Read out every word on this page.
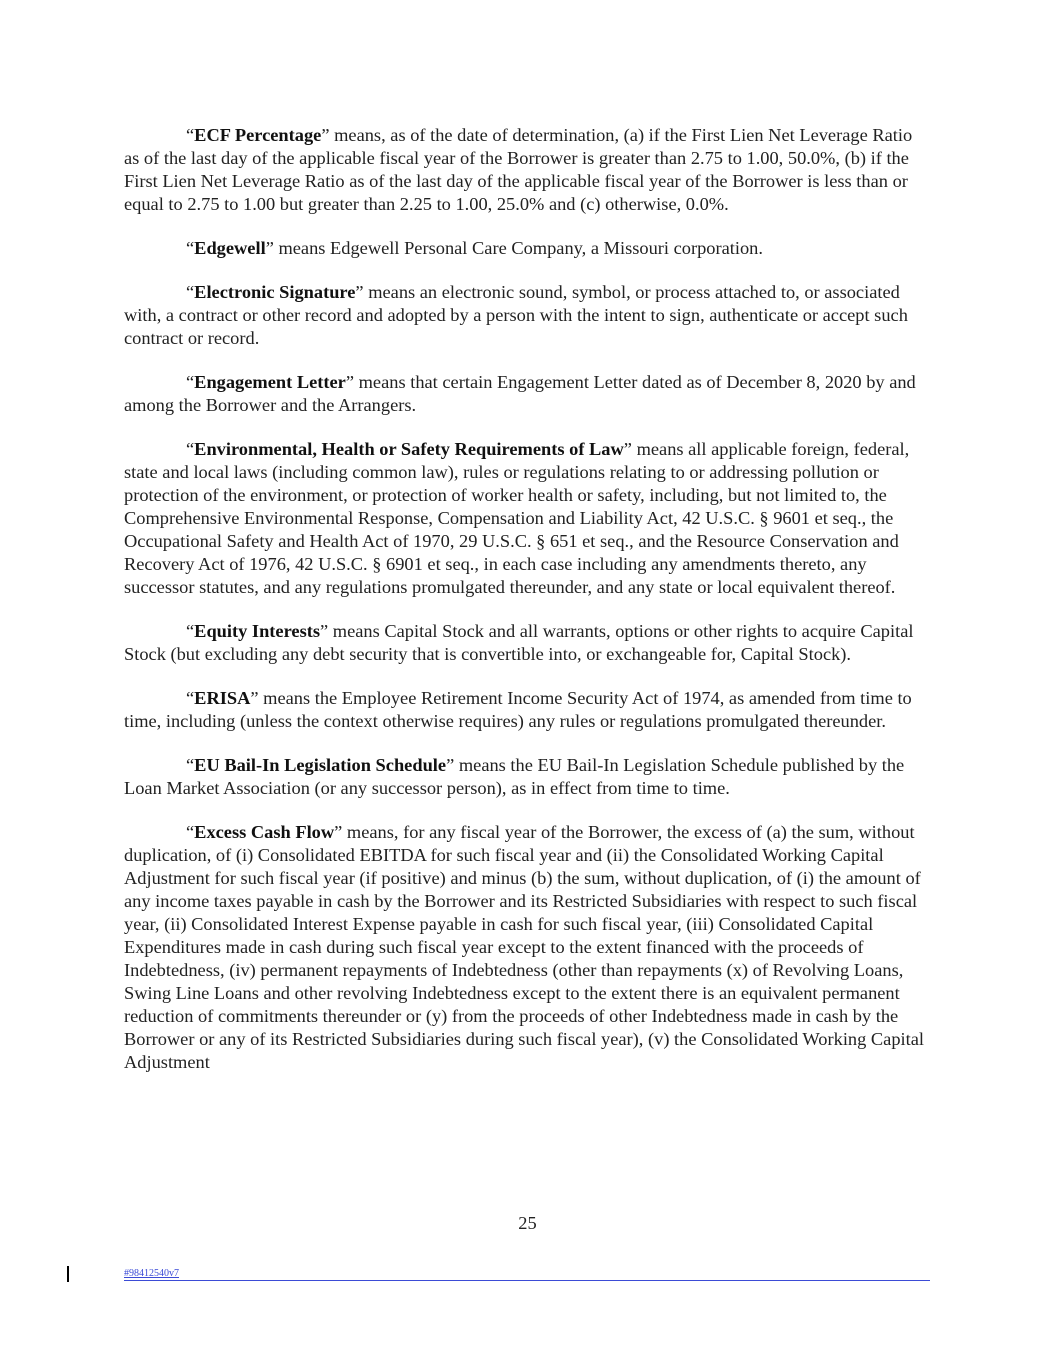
“ECF Percentage” means, as of the date of determination, (a) if the First Lien Net Leverage Ratio as of the last day of the applicable fiscal year of the Borrower is greater than 2.75 to 1.00, 50.0%, (b) if the First Lien Net Leverage Ratio as of the last day of the applicable fiscal year of the Borrower is less than or equal to 2.75 to 1.00 but greater than 2.25 to 1.00, 25.0% and (c) otherwise, 0.0%.

“Edgewell” means Edgewell Personal Care Company, a Missouri corporation.

“Electronic Signature” means an electronic sound, symbol, or process attached to, or associated with, a contract or other record and adopted by a person with the intent to sign, authenticate or accept such contract or record.

“Engagement Letter” means that certain Engagement Letter dated as of December 8, 2020 by and among the Borrower and the Arrangers.

“Environmental, Health or Safety Requirements of Law” means all applicable foreign, federal, state and local laws (including common law), rules or regulations relating to or addressing pollution or protection of the environment, or protection of worker health or safety, including, but not limited to, the Comprehensive Environmental Response, Compensation and Liability Act, 42 U.S.C. § 9601 et seq., the Occupational Safety and Health Act of 1970, 29 U.S.C. § 651 et seq., and the Resource Conservation and Recovery Act of 1976, 42 U.S.C. § 6901 et seq., in each case including any amendments thereto, any successor statutes, and any regulations promulgated thereunder, and any state or local equivalent thereof.

“Equity Interests” means Capital Stock and all warrants, options or other rights to acquire Capital Stock (but excluding any debt security that is convertible into, or exchangeable for, Capital Stock).

“ERISA” means the Employee Retirement Income Security Act of 1974, as amended from time to time, including (unless the context otherwise requires) any rules or regulations promulgated thereunder.

“EU Bail-In Legislation Schedule” means the EU Bail-In Legislation Schedule published by the Loan Market Association (or any successor person), as in effect from time to time.

“Excess Cash Flow” means, for any fiscal year of the Borrower, the excess of (a) the sum, without duplication, of (i) Consolidated EBITDA for such fiscal year and (ii) the Consolidated Working Capital Adjustment for such fiscal year (if positive) and minus (b) the sum, without duplication, of (i) the amount of any income taxes payable in cash by the Borrower and its Restricted Subsidiaries with respect to such fiscal year, (ii) Consolidated Interest Expense payable in cash for such fiscal year, (iii) Consolidated Capital Expenditures made in cash during such fiscal year except to the extent financed with the proceeds of Indebtedness, (iv) permanent repayments of Indebtedness (other than repayments (x) of Revolving Loans, Swing Line Loans and other revolving Indebtedness except to the extent there is an equivalent permanent reduction of commitments thereunder or (y) from the proceeds of other Indebtedness made in cash by the Borrower or any of its Restricted Subsidiaries during such fiscal year), (v) the Consolidated Working Capital Adjustment

25
#98412540v7
